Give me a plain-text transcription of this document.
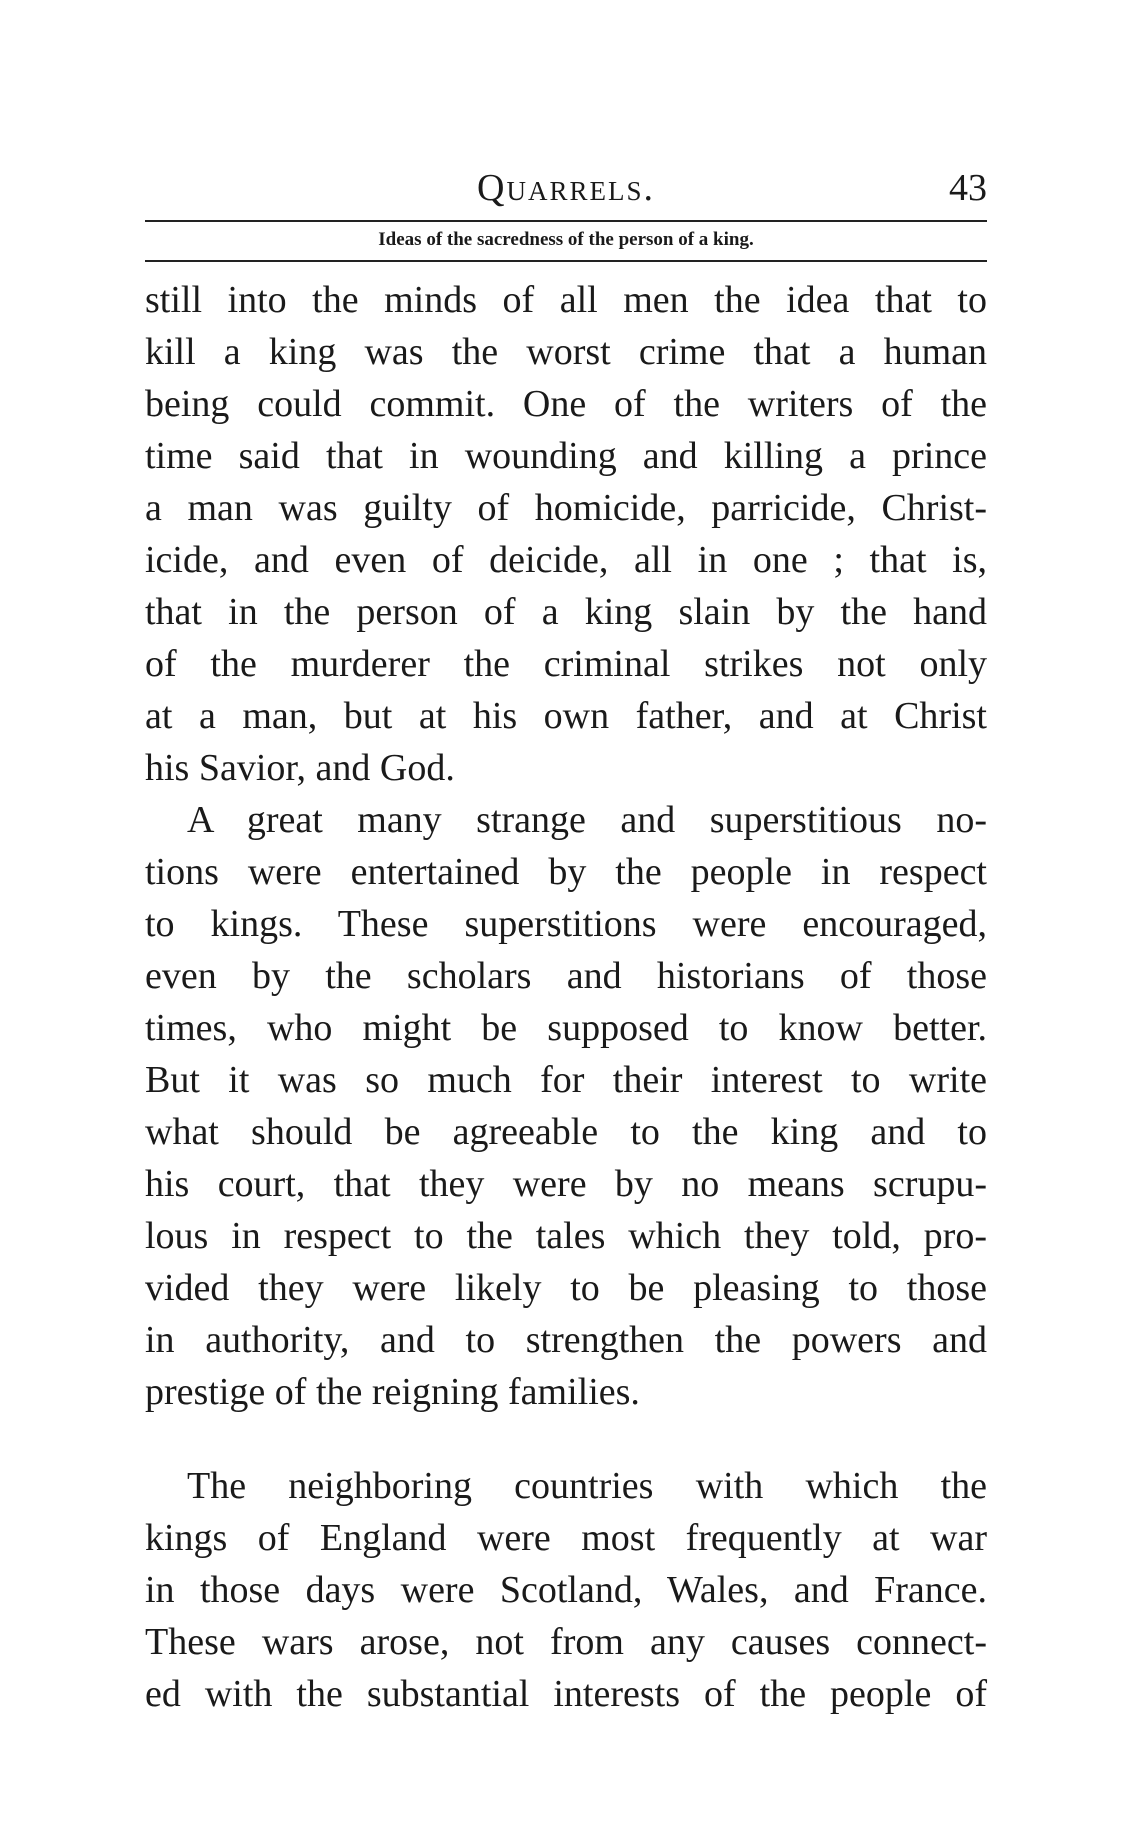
Quarrels.	43
Ideas of the sacredness of the person of a king.
still into the minds of all men the idea that to
kill a king was the worst crime that a human
being could commit. One of the writers of the
time said that in wounding and killing a prince
a man was guilty of homicide, parricide, Christ-
icide, and even of deicide, all in one ; that is,
that in the person of a king slain by the hand
of the murderer the criminal strikes not only
at a man, but at his own father, and at Christ
his Savior, and God.
A great many strange and superstitious no-
tions were entertained by the people in respect
to kings. These superstitions were encouraged,
even by the scholars and historians of those
times, who might be supposed to know better.
But it was so much for their interest to write
what should be agreeable to the king and to
his court, that they were by no means scrupu-
lous in respect to the tales which they told, pro-
vided they were likely to be pleasing to those
in authority, and to strengthen the powers and
prestige of the reigning families.
The neighboring countries with which the
kings of England were most frequently at war
in those days were Scotland, Wales, and France.
These wars arose, not from any causes connect-
ed with the substantial interests of the people of
